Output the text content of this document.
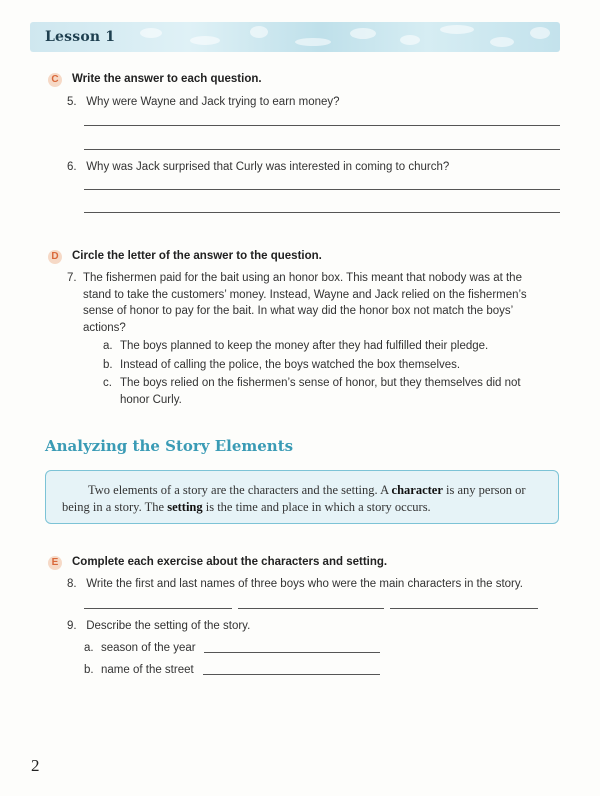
Lesson 1
C Write the answer to each question.
5. Why were Wayne and Jack trying to earn money?
6. Why was Jack surprised that Curly was interested in coming to church?
D Circle the letter of the answer to the question.
7. The fishermen paid for the bait using an honor box. This meant that nobody was at the
stand to take the customers’ money. Instead, Wayne and Jack relied on the fishermen’s
sense of honor to pay for the bait. In what way did the honor box not match the boys’
actions?
a. The boys planned to keep the money after they had fulfilled their pledge.
b. Instead of calling the police, the boys watched the box themselves.
c. The boys relied on the fishermen’s sense of honor, but they themselves did not
honor Curly.
Analyzing the Story Elements
Two elements of a story are the characters and the setting. A character is any person or being in a story. The setting is the time and place in which a story occurs.
E	Complete each exercise about the characters and setting.
8. Write the first and last names of three boys who were the main characters in the story.
9. Describe the setting of the story.
a. season of the year
b. name of the street
2
